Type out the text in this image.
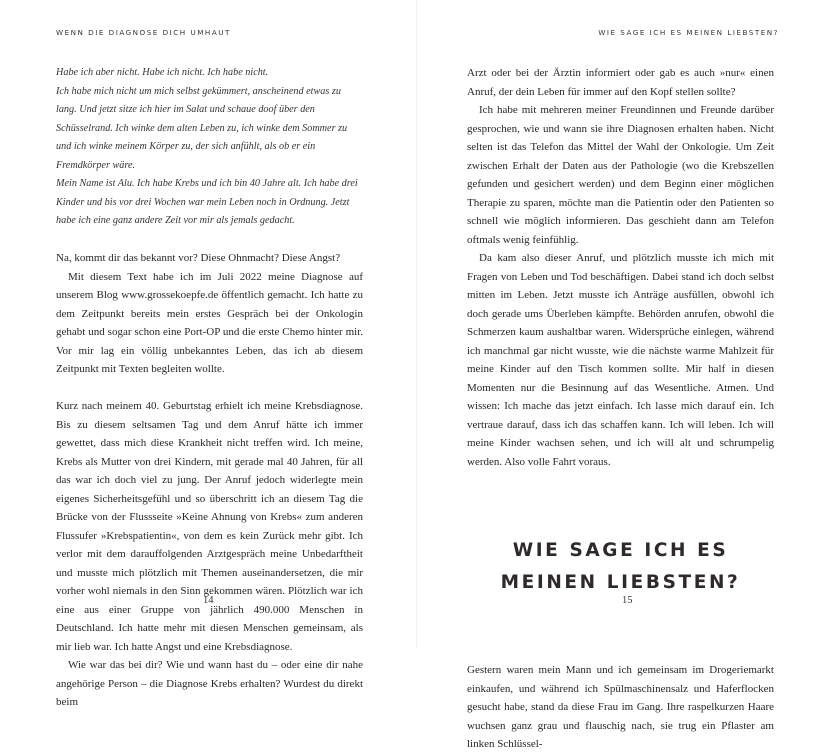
WENN DIE DIAGNOSE DICH UMHAUT

Habe ich aber nicht. Habe ich nicht. Ich habe nicht.

Ich habe mich nicht um mich selbst gekümmert, anscheinend etwas zu lang. Und jetzt sitze ich hier im Salat und schaue doof über den Schüsselrand. Ich winke dem alten Leben zu, ich winke dem Sommer zu und ich winke meinem Körper zu, der sich anfühlt, als ob er ein Fremdkörper wäre.

Mein Name ist Alu. Ich habe Krebs und ich bin 40 Jahre alt. Ich habe drei Kinder und bis vor drei Wochen war mein Leben noch in Ordnung. Jetzt habe ich eine ganz andere Zeit vor mir als jemals gedacht.

Na, kommt dir das bekannt vor? Diese Ohnmacht? Diese Angst?

Mit diesem Text habe ich im Juli 2022 meine Diagnose auf unserem Blog www.grossekoepfe.de öffentlich gemacht. Ich hatte zu dem Zeitpunkt bereits mein erstes Gespräch bei der Onkologin gehabt und sogar schon eine Port-OP und die erste Chemo hinter mir. Vor mir lag ein völlig unbekanntes Leben, das ich ab diesem Zeitpunkt mit Texten begleiten wollte.

Kurz nach meinem 40. Geburtstag erhielt ich meine Krebsdiagnose. Bis zu diesem seltsamen Tag und dem Anruf hätte ich immer gewettet, dass mich diese Krankheit nicht treffen wird. Ich meine, Krebs als Mutter von drei Kindern, mit gerade mal 40 Jahren, für all das war ich doch viel zu jung. Der Anruf jedoch widerlegte mein eigenes Sicherheitsgefühl und so überschritt ich an diesem Tag die Brücke von der Flussseite »Keine Ahnung von Krebs« zum anderen Flussufer »Krebspatientin«, von dem es kein Zurück mehr gibt. Ich verlor mit dem darauffolgenden Arztgespräch meine Unbedarftheit und musste mich plötzlich mit Themen auseinandersetzen, die mir vorher wohl niemals in den Sinn gekommen wären. Plötzlich war ich eine aus einer Gruppe von jährlich 490.000 Menschen in Deutschland. Ich hatte mehr mit diesen Menschen gemeinsam, als mir lieb war. Ich hatte Angst und eine Krebsdiagnose.

Wie war das bei dir? Wie und wann hast du – oder eine dir nahe angehörige Person – die Diagnose Krebs erhalten? Wurdest du direkt beim

14
WIE SAGE ICH ES MEINEN LIEBSTEN?

Arzt oder bei der Ärztin informiert oder gab es auch »nur« einen Anruf, der dein Leben für immer auf den Kopf stellen sollte?

Ich habe mit mehreren meiner Freundinnen und Freunde darüber gesprochen, wie und wann sie ihre Diagnosen erhalten haben. Nicht selten ist das Telefon das Mittel der Wahl der Onkologie. Um Zeit zwischen Erhalt der Daten aus der Pathologie (wo die Krebszellen gefunden und gesichert werden) und dem Beginn einer möglichen Therapie zu sparen, möchte man die Patientin oder den Patienten so schnell wie möglich informieren. Das geschieht dann am Telefon oftmals wenig feinfühlig.

Da kam also dieser Anruf, und plötzlich musste ich mich mit Fragen von Leben und Tod beschäftigen. Dabei stand ich doch selbst mitten im Leben. Jetzt musste ich Anträge ausfüllen, obwohl ich doch gerade ums Überleben kämpfte. Behörden anrufen, obwohl die Schmerzen kaum aushaltbar waren. Widersprüche einlegen, während ich manchmal gar nicht wusste, wie die nächste warme Mahlzeit für meine Kinder auf den Tisch kommen sollte. Mir half in diesen Momenten nur die Besinnung auf das Wesentliche. Atmen. Und wissen: Ich mache das jetzt einfach. Ich lasse mich darauf ein. Ich vertraue darauf, dass ich das schaffen kann. Ich will leben. Ich will meine Kinder wachsen sehen, und ich will alt und schrumpelig werden. Also volle Fahrt voraus.

WIE SAGE ICH ES MEINEN LIEBSTEN?

Gestern waren mein Mann und ich gemeinsam im Drogeriemarkt einkaufen, und während ich Spülmaschinensalz und Haferflocken gesucht habe, stand da diese Frau im Gang. Ihre raspelkurzen Haare wuchsen ganz grau und flauschig nach, sie trug ein Pflaster am linken Schlüssel-

15
